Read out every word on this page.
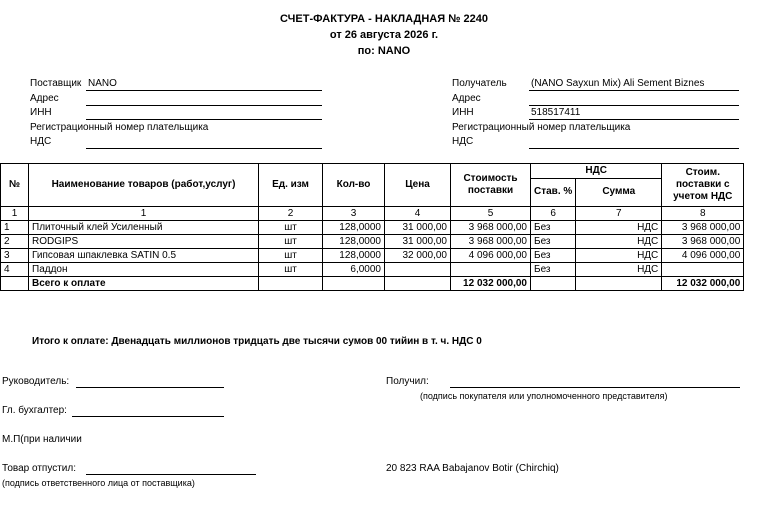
СЧЕТ-ФАКТУРА - НАКЛАДНАЯ № 2240
от 26 августа 2026 г.
по: NANO
Поставщик NANO
Адрес
ИНН
Регистрационный номер плательщика
НДС
Получатель (NANO Sayxun Mix) Ali Sement Biznes
Адрес
ИНН	518517411
Регистрационный номер плательщика
НДС
№	Наименование товаров (работ,услуг)	Ед. изм	Кол-во	Цена	Стоимость поставки	НДС		Стоим. поставки с учетом НДС
						Став. %	Сумма	
1	1	2	3	4	5	6	7	8
1	Плиточный клей Усиленный	шт	128,0000	31 000,00	3 968 000,00	Без	НДС	3 968 000,00
2	RODGIPS	шт	128,0000	31 000,00	3 968 000,00	Без	НДС	3 968 000,00
3	Гипсовая шпаклевка SATIN 0.5	шт	128,0000	32 000,00	4 096 000,00	Без	НДС	4 096 000,00
4	Паддон	шт	6,0000			Без	НДС	
	Всего к оплате				12 032 000,00			12 032 000,00
Итого к оплате: Двенадцать миллионов тридцать две тысячи сумов 00 тийин в т. ч. НДС 0
Руководитель:
Гл. бухгалтер:
М.П(при наличии
Товар отпустил:
(подпись ответственного лица от поставщика)
Получил:
(подпись покупателя или уполномоченного представителя)
20 823 RAA Babajanov Botir (Chirchiq)
